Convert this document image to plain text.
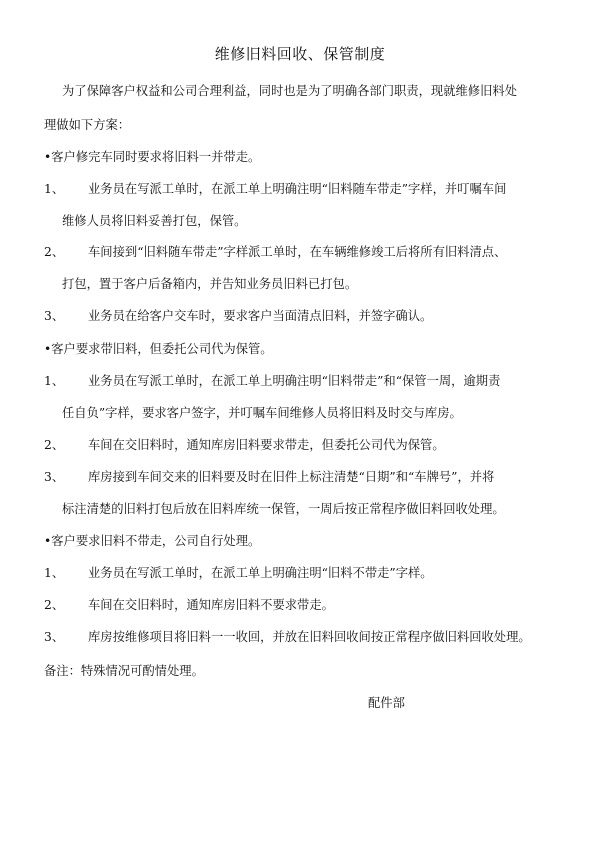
维修旧料回收、保管制度
为了保障客户权益和公司合理利益，同时也是为了明确各部门职责，现就维修旧料处
理做如下方案：
•客户修完车同时要求将旧料一并带走。
1、 业务员在写派工单时，在派工单上明确注明“旧料随车带走”字样，并叮嘱车间
维修人员将旧料妥善打包，保管。
2、 车间接到“旧料随车带走”字样派工单时，在车辆维修竣工后将所有旧料清点、
打包，置于客户后备箱内，并告知业务员旧料已打包。
3、 业务员在给客户交车时，要求客户当面清点旧料，并签字确认。
•客户要求带旧料，但委托公司代为保管。
1、 业务员在写派工单时，在派工单上明确注明“旧料带走”和“保管一周，逾期责
任自负”字样，要求客户签字，并叮嘱车间维修人员将旧料及时交与库房。
2、 车间在交旧料时，通知库房旧料要求带走，但委托公司代为保管。
3、 库房接到车间交来的旧料要及时在旧件上标注清楚“日期”和“车牌号”，并将
标注清楚的旧料打包后放在旧料库统一保管，一周后按正常程序做旧料回收处理。
•客户要求旧料不带走，公司自行处理。
1、 业务员在写派工单时，在派工单上明确注明“旧料不带走”字样。
2、 车间在交旧料时，通知库房旧料不要求带走。
3、 库房按维修项目将旧料一一收回，并放在旧料回收间按正常程序做旧料回收处理。
备注：特殊情况可酌情处理。
配件部
